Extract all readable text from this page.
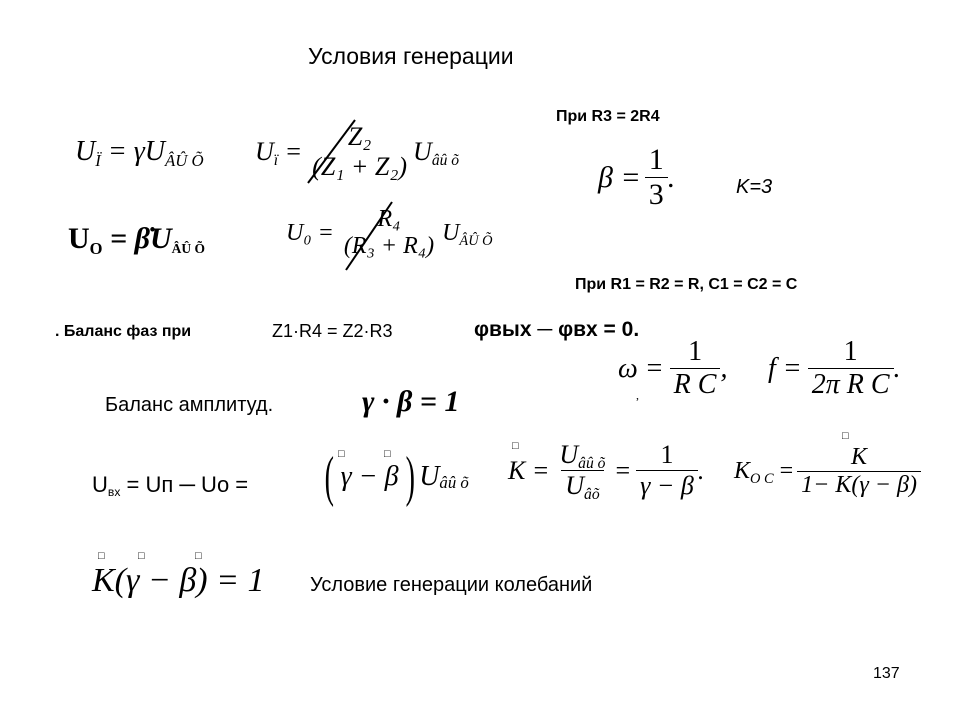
Условия генерации
При R3 = 2R4
$U_Ï = \gamma U_{ÂÛ Õ}$ $U_ï$ =
Z₂
(Z₁ + Z₂)
$U_{âû õ}$
UO = β̇UÂÛ Õ
U₀ =
R₄
(R₃ + R₄)
$U_{ÂÛ Õ}$
$\beta = \frac{1}{3}$ .	K=3
При R1 = R2 = R, C1 = C2 = C
. Баланс фаз при	Z1·R4 = Z2·R3	φвых ─ φвх = 0.
$\omega = \frac{1}{\text{R C}}$ , $f = \frac{1}{\text{2π R C}}$ .
,
Баланс амплитуд.	γ · β = 1
Uвх = Uп ─ Uо = ( γ − β ) U âû õ
□	□
$K = \frac{U_{âû õ}}{U_{âõ}} = \frac{1}{\gamma - \beta}$ .
□
$K_{O C} = \frac{K}{1- K(\gamma - \beta)}$
□
K(γ − β) = 1
□	□	□
Условие генерации колебаний
137
